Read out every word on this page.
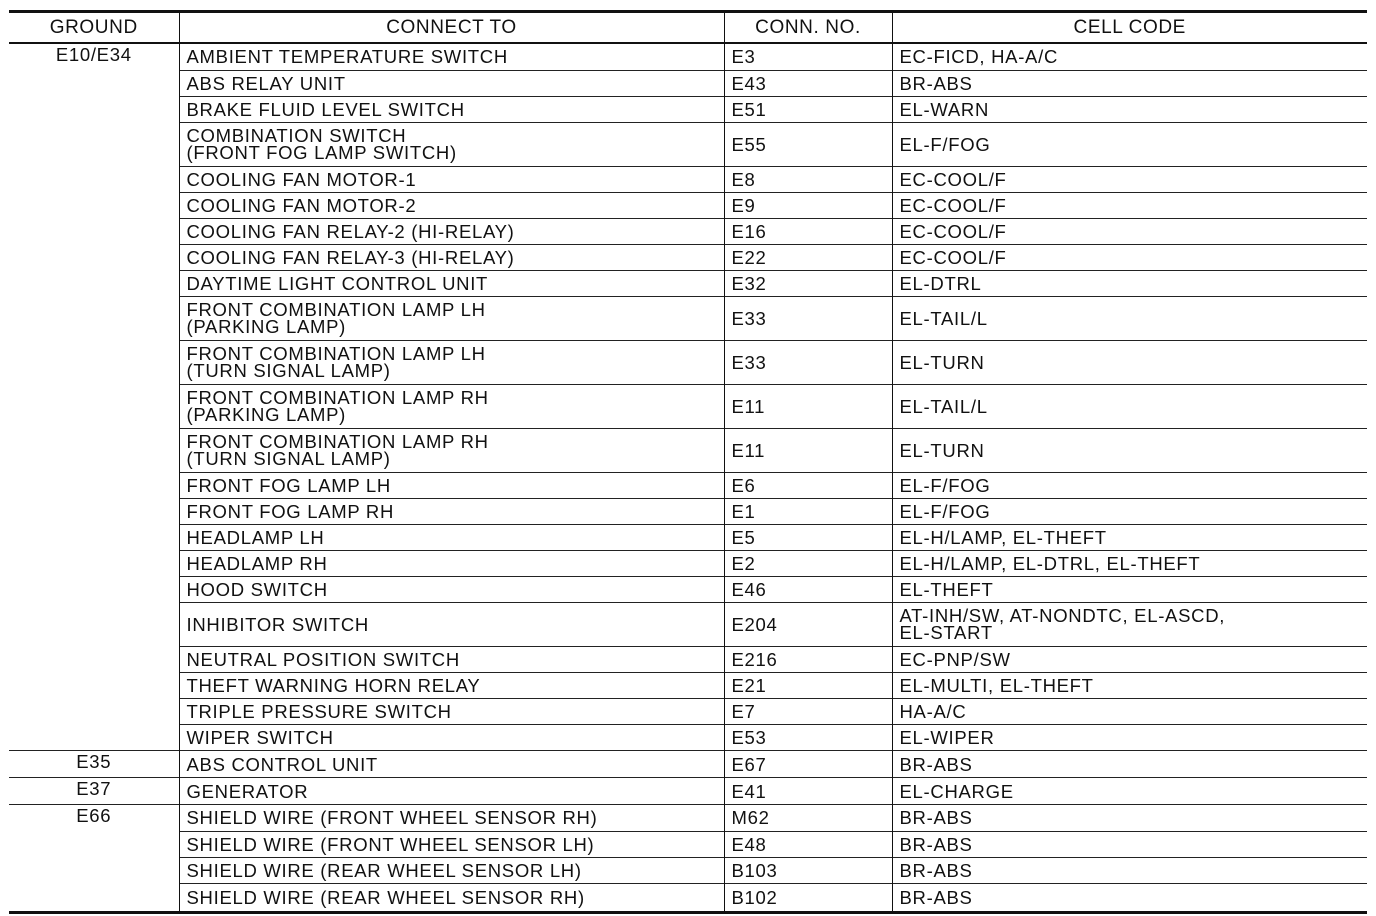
GROUND	CONNECT TO	CONN. NO.	CELL CODE
E10/E34	AMBIENT TEMPERATURE SWITCH	E3	EC-FICD, HA-A/C

	ABS RELAY UNIT	E43	BR-ABS

	BRAKE FLUID LEVEL SWITCH	E51	EL-WARN

	COMBINATION SWITCH
(FRONT FOG LAMP SWITCH)	E55	EL-F/FOG

	COOLING FAN MOTOR-1	E8	EC-COOL/F

	COOLING FAN MOTOR-2	E9	EC-COOL/F

	COOLING FAN RELAY-2 (HI-RELAY)	E16	EC-COOL/F

	COOLING FAN RELAY-3 (HI-RELAY)	E22	EC-COOL/F

	DAYTIME LIGHT CONTROL UNIT	E32	EL-DTRL

	FRONT COMBINATION LAMP LH
(PARKING LAMP)	E33	EL-TAIL/L

	FRONT COMBINATION LAMP LH
(TURN SIGNAL LAMP)	E33	EL-TURN

	FRONT COMBINATION LAMP RH
(PARKING LAMP)	E11	EL-TAIL/L

	FRONT COMBINATION LAMP RH
(TURN SIGNAL LAMP)	E11	EL-TURN

	FRONT FOG LAMP LH	E6	EL-F/FOG

	FRONT FOG LAMP RH	E1	EL-F/FOG

	HEADLAMP LH	E5	EL-H/LAMP, EL-THEFT

	HEADLAMP RH	E2	EL-H/LAMP, EL-DTRL, EL-THEFT

	HOOD SWITCH	E46	EL-THEFT

	INHIBITOR SWITCH	E204	AT-INH/SW, AT-NONDTC, EL-ASCD,
EL-START

	NEUTRAL POSITION SWITCH	E216	EC-PNP/SW

	THEFT WARNING HORN RELAY	E21	EL-MULTI, EL-THEFT

	TRIPLE PRESSURE SWITCH	E7	HA-A/C

	WIPER SWITCH	E53	EL-WIPER

E35	ABS CONTROL UNIT	E67	BR-ABS

E37	GENERATOR	E41	EL-CHARGE

E66	SHIELD WIRE (FRONT WHEEL SENSOR RH)	M62	BR-ABS

	SHIELD WIRE (FRONT WHEEL SENSOR LH)	E48	BR-ABS

	SHIELD WIRE (REAR WHEEL SENSOR LH)	B103	BR-ABS

	SHIELD WIRE (REAR WHEEL SENSOR RH)	B102	BR-ABS
